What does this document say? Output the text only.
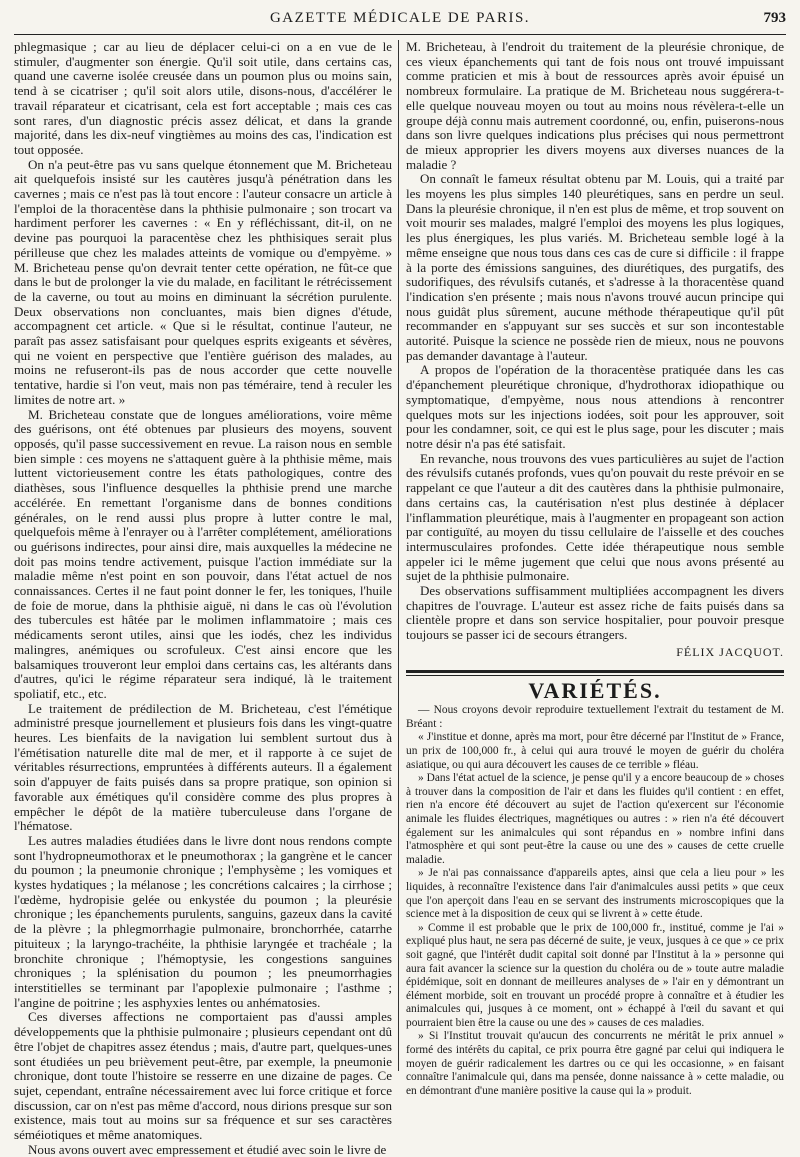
GAZETTE MÉDICALE DE PARIS.	793

phlegmasique ; car au lieu de déplacer celui-ci on a en vue de le stimuler, d'augmenter son énergie. Qu'il soit utile, dans certains cas, quand une caverne isolée creusée dans un poumon plus ou moins sain, tend à se cicatriser ; qu'il soit alors utile, disons-nous, d'accélérer le travail réparateur et cicatrisant, cela est fort acceptable ; mais ces cas sont rares, d'un diagnostic précis assez délicat, et dans la grande majorité, dans les dix-neuf vingtièmes au moins des cas, l'indication est tout opposée.

On n'a peut-être pas vu sans quelque étonnement que M. Bricheteau ait quelquefois insisté sur les cautères jusqu'à pénétration dans les cavernes ; mais ce n'est pas là tout encore : l'auteur consacre un article à l'emploi de la thoracentèse dans la phthisie pulmonaire ; son trocart va hardiment perforer les cavernes : « En y réfléchissant, dit-il, on ne devine pas pourquoi la paracentèse chez les phthisiques serait plus périlleuse que chez les malades atteints de vomique ou d'empyème. » M. Bricheteau pense qu'on devrait tenter cette opération, ne fût-ce que dans le but de prolonger la vie du malade, en facilitant le rétrécissement de la caverne, ou tout au moins en diminuant la sécrétion purulente. Deux observations non concluantes, mais bien dignes d'étude, accompagnent cet article. « Que si le résultat, continue l'auteur, ne paraît pas assez satisfaisant pour quelques esprits exigeants et sévères, qui ne voient en perspective que l'entière guérison des malades, au moins ne refuseront-ils pas de nous accorder que cette nouvelle tentative, hardie si l'on veut, mais non pas téméraire, tend à reculer les limites de notre art. »

M. Bricheteau constate que de longues améliorations, voire même des guérisons, ont été obtenues par plusieurs des moyens, souvent opposés, qu'il passe successivement en revue. La raison nous en semble bien simple : ces moyens ne s'attaquent guère à la phthisie même, mais luttent victorieusement contre les états pathologiques, contre des diathèses, sous l'influence desquelles la phthisie prend une marche accélérée. En remettant l'organisme dans de bonnes conditions générales, on le rend aussi plus propre à lutter contre le mal, quelquefois même à l'enrayer ou à l'arrêter complétement, améliorations ou guérisons indirectes, pour ainsi dire, mais auxquelles la médecine ne doit pas moins tendre activement, puisque l'action immédiate sur la maladie même n'est point en son pouvoir, dans l'état actuel de nos connaissances. Certes il ne faut point donner le fer, les toniques, l'huile de foie de morue, dans la phthisie aiguë, ni dans le cas où l'évolution des tubercules est hâtée par le molimen inflammatoire ; mais ces médicaments seront utiles, ainsi que les iodés, chez les individus malingres, anémiques ou scrofuleux. C'est ainsi encore que les balsamiques trouveront leur emploi dans certains cas, les altérants dans d'autres, qu'ici le régime réparateur sera indiqué, là le traitement spoliatif, etc., etc.

Le traitement de prédilection de M. Bricheteau, c'est l'émétique administré presque journellement et plusieurs fois dans les vingt-quatre heures. Les bienfaits de la navigation lui semblent surtout dus à l'émétisation naturelle dite mal de mer, et il rapporte à ce sujet de véritables résurrections, empruntées à différents auteurs. Il a également soin d'appuyer de faits puisés dans sa propre pratique, son opinion si favorable aux émétiques qu'il considère comme des plus propres à empêcher le dépôt de la matière tuberculeuse dans l'organe de l'hématose.

Les autres maladies étudiées dans le livre dont nous rendons compte sont l'hydropneumothorax et le pneumothorax ; la gangrène et le cancer du poumon ; la pneumonie chronique ; l'emphysème ; les vomiques et kystes hydatiques ; la mélanose ; les concrétions calcaires ; la cirrhose ; l'œdème, hydropisie gelée ou enkystée du poumon ; la pleurésie chronique ; les épanchements purulents, sanguins, gazeux dans la cavité de la plèvre ; la phlegmorrhagie pulmonaire, bronchorrhée, catarrhe pituiteux ; la laryngo-trachéite, la phthisie laryngée et trachéale ; la bronchite chronique ; l'hémoptysie, les congestions sanguines chroniques ; la splénisation du poumon ; les pneumorrhagies interstitielles se terminant par l'apoplexie pulmonaire ; l'asthme ; l'angine de poitrine ; les asphyxies lentes ou anhématosies.

Ces diverses affections ne comportaient pas d'aussi amples développements que la phthisie pulmonaire ; plusieurs cependant ont dû être l'objet de chapitres assez étendus ; mais, d'autre part, quelques-unes sont étudiées un peu brièvement peut-être, par exemple, la pneumonie chronique, dont toute l'histoire se resserre en une dizaine de pages. Ce sujet, cependant, entraîne nécessairement avec lui force critique et force discussion, car on n'est pas même d'accord, nous dirions presque sur son existence, mais tout au moins sur sa fréquence et sur ses caractères séméiotiques et même anatomiques.

Nous avons ouvert avec empressement et étudié avec soin le livre de

M. Bricheteau, à l'endroit du traitement de la pleurésie chronique, de ces vieux épanchements qui tant de fois nous ont trouvé impuissant comme praticien et mis à bout de ressources après avoir épuisé un nombreux formulaire. La pratique de M. Bricheteau nous suggérera-t-elle quelque nouveau moyen ou tout au moins nous révèlera-t-elle un groupe déjà connu mais autrement coordonné, ou, enfin, puiserons-nous dans son livre quelques indications plus précises qui nous permettront de mieux approprier les divers moyens aux diverses nuances de la maladie ?

On connaît le fameux résultat obtenu par M. Louis, qui a traité par les moyens les plus simples 140 pleurétiques, sans en perdre un seul. Dans la pleurésie chronique, il n'en est plus de même, et trop souvent on voit mourir ses malades, malgré l'emploi des moyens les plus logiques, les plus énergiques, les plus variés. M. Bricheteau semble logé à la même enseigne que nous tous dans ces cas de cure si difficile : il frappe à la porte des émissions sanguines, des diurétiques, des purgatifs, des sudorifiques, des révulsifs cutanés, et s'adresse à la thoracentèse quand l'indication s'en présente ; mais nous n'avons trouvé aucun principe qui nous guidât plus sûrement, aucune méthode thérapeutique qu'il pût recommander en s'appuyant sur ses succès et sur son incontestable autorité. Puisque la science ne possède rien de mieux, nous ne pouvons pas demander davantage à l'auteur.

A propos de l'opération de la thoracentèse pratiquée dans les cas d'épanchement pleurétique chronique, d'hydrothorax idiopathique ou symptomatique, d'empyème, nous nous attendions à rencontrer quelques mots sur les injections iodées, soit pour les approuver, soit pour les condamner, soit, ce qui est le plus sage, pour les discuter ; mais notre désir n'a pas été satisfait.

En revanche, nous trouvons des vues particulières au sujet de l'action des révulsifs cutanés profonds, vues qu'on pouvait du reste prévoir en se rappelant ce que l'auteur a dit des cautères dans la phthisie pulmonaire, dans certains cas, la cautérisation n'est plus destinée à déplacer l'inflammation pleurétique, mais à l'augmenter en propageant son action par contiguïté, au moyen du tissu cellulaire de l'aisselle et des couches intermusculaires profondes. Cette idée thérapeutique nous semble appeler ici le même jugement que celui que nous avons présenté au sujet de la phthisie pulmonaire.

Des observations suffisamment multipliées accompagnent les divers chapitres de l'ouvrage. L'auteur est assez riche de faits puisés dans sa clientèle propre et dans son service hospitalier, pour pouvoir presque toujours se passer ici de secours étrangers.

FÉLIX JACQUOT.
VARIÉTÉS.

— Nous croyons devoir reproduire textuellement l'extrait du testament de M. Bréant :

« J'institue et donne, après ma mort, pour être décerné par l'Institut de » France, un prix de 100,000 fr., à celui qui aura trouvé le moyen de guérir du choléra asiatique, ou qui aura découvert les causes de ce terrible » fléau.

» Dans l'état actuel de la science, je pense qu'il y a encore beaucoup de » choses à trouver dans la composition de l'air et dans les fluides qu'il contient : en effet, rien n'a encore été découvert au sujet de l'action qu'exercent sur l'économie animale les fluides électriques, magnétiques ou autres : » rien n'a été découvert également sur les animalcules qui sont répandus en » nombre infini dans l'atmosphère et qui sont peut-être la cause ou une des » causes de cette cruelle maladie.

» Je n'ai pas connaissance d'appareils aptes, ainsi que cela a lieu pour » les liquides, à reconnaître l'existence dans l'air d'animalcules aussi petits » que ceux que l'on aperçoit dans l'eau en se servant des instruments microscopiques que la science met à la disposition de ceux qui se livrent à » cette étude.

» Comme il est probable que le prix de 100,000 fr., institué, comme je l'ai » expliqué plus haut, ne sera pas décerné de suite, je veux, jusques à ce que » ce prix soit gagné, que l'intérêt dudit capital soit donné par l'Institut à la » personne qui aura fait avancer la science sur la question du choléra ou de » toute autre maladie épidémique, soit en donnant de meilleures analyses de » l'air en y démontrant un élément morbide, soit en trouvant un procédé propre à connaître et à étudier les animalcules qui, jusques à ce moment, ont » échappé à l'œil du savant et qui pourraient bien être la cause ou une des » causes de ces maladies.

» Si l'Institut trouvait qu'aucun des concurrents ne méritât le prix annuel » formé des intérêts du capital, ce prix pourra être gagné par celui qui indiquera le moyen de guérir radicalement les dartres ou ce qui les occasionne, » en faisant connaître l'animalcule qui, dans ma pensée, donne naissance à » cette maladie, ou en démontrant d'une manière positive la cause qui la » produit.
